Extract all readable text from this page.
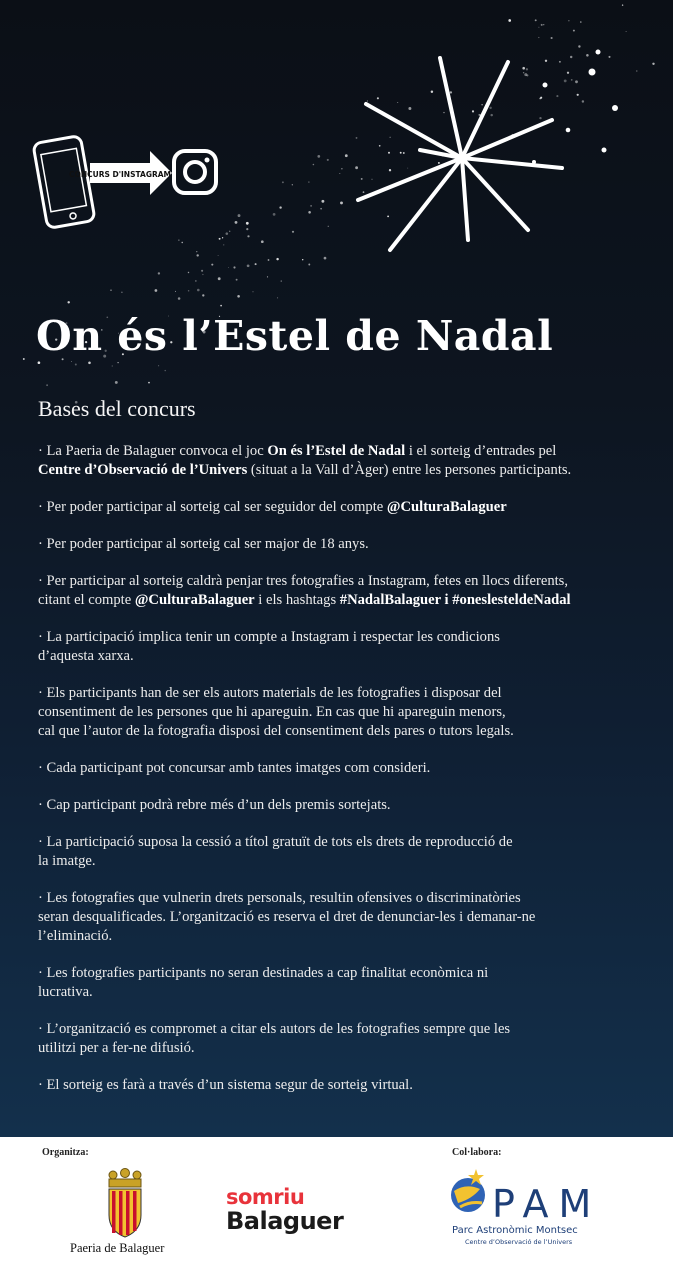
CONCURS D'INSTAGRAM
On és l’Estel de Nadal
Bases del concurs

· La Paeria de Balaguer convoca el joc On és l’Estel de Nadal i el sorteig d’entrades pel
Centre d’Observació de l’Univers (situat a la Vall d’Àger) entre les persones participants.

· Per poder participar al sorteig cal ser seguidor del compte @CulturaBalaguer

· Per poder participar al sorteig cal ser major de 18 anys.

· Per participar al sorteig caldrà penjar tres fotografies a Instagram, fetes en llocs diferents,
citant el compte @CulturaBalaguer i els hashtags #NadalBalaguer i #oneslesteldeNadal

· La participació implica tenir un compte a Instagram i respectar les condicions
d’aquesta xarxa.

· Els participants han de ser els autors materials de les fotografies i disposar del
consentiment de les persones que hi apareguin. En cas que hi apareguin menors,
cal que l’autor de la fotografia disposi del consentiment dels pares o tutors legals.

· Cada participant pot concursar amb tantes imatges com consideri.

· Cap participant podrà rebre més d’un dels premis sortejats.

· La participació suposa la cessió a títol gratuït de tots els drets de reproducció de
la imatge.

· Les fotografies que vulnerin drets personals, resultin ofensives o discriminatòries
seran desqualificades. L’organització es reserva el dret de denunciar-les i demanar-ne
l’eliminació.

· Les fotografies participants no seran destinades a cap finalitat econòmica ni
lucrativa.

· L’organització es compromet a citar els autors de les fotografies sempre que les
utilitzi per a fer-ne difusió.

· El sorteig es farà a través d’un sistema segur de sorteig virtual.

Organitza:	Col·labora:
Paeria de Balaguer
somriu
Balaguer	PAM
Parc Astronòmic Montsec
Centre d’Observació de l’Univers
